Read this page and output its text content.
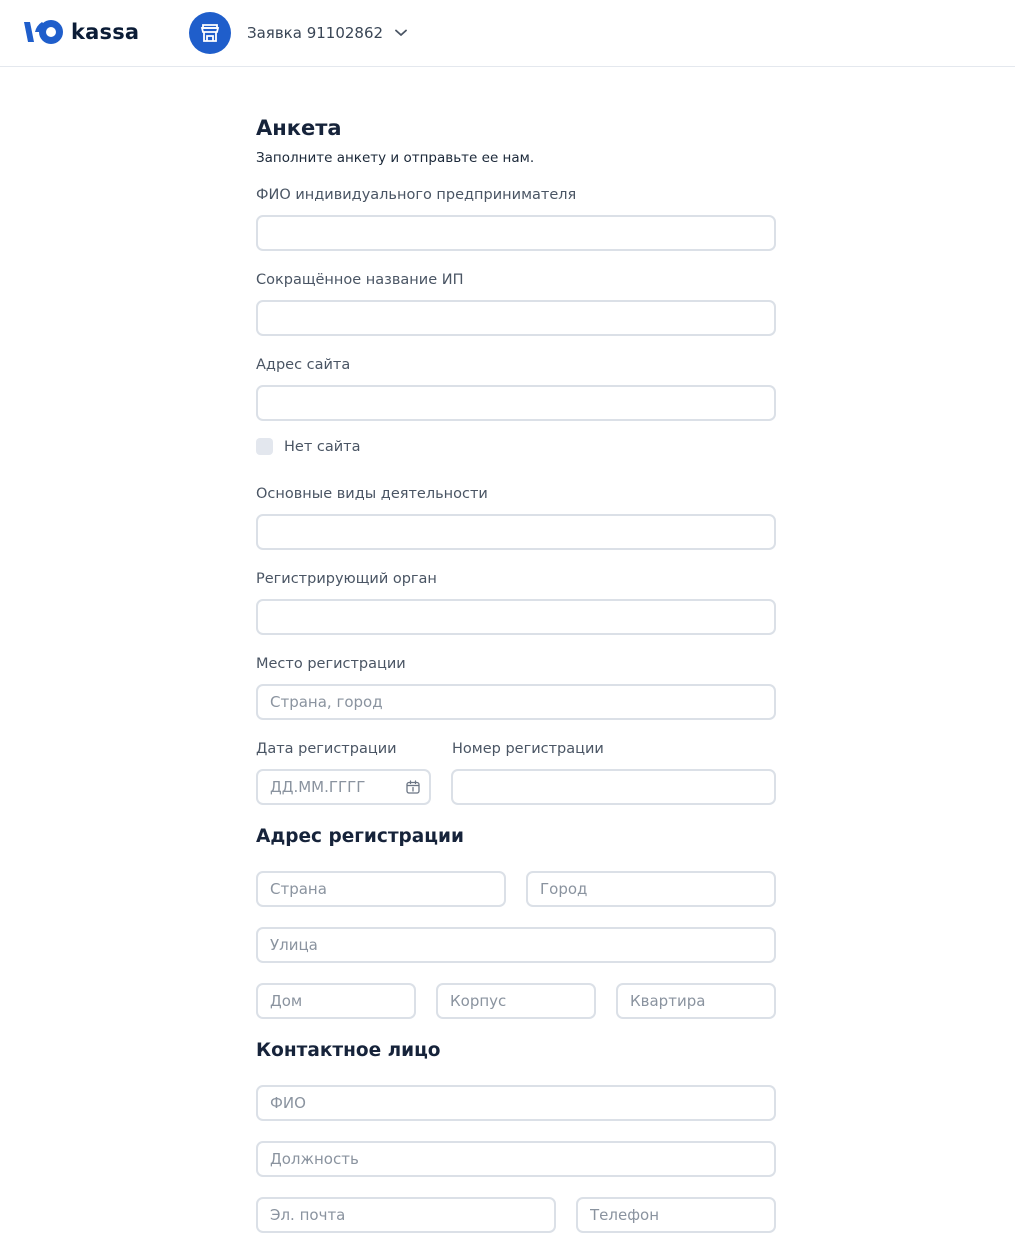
kassa	Заявка 91102862
Анкета
Заполните анкету и отправьте ее нам.
ФИО индивидуального предпринимателя
Сокращённое название ИП
Адрес сайта
Нет сайта
Основные виды деятельности
Регистрирующий орган
Место регистрации
Страна, город
Дата регистрации
ДД.ММ.ГГГГ	Номер регистрации
Адрес регистрации
Страна
Город
Улица
Дом
Корпус
Квартира
Контактное лицо
ФИО
Должность
Эл. почта
Телефон
